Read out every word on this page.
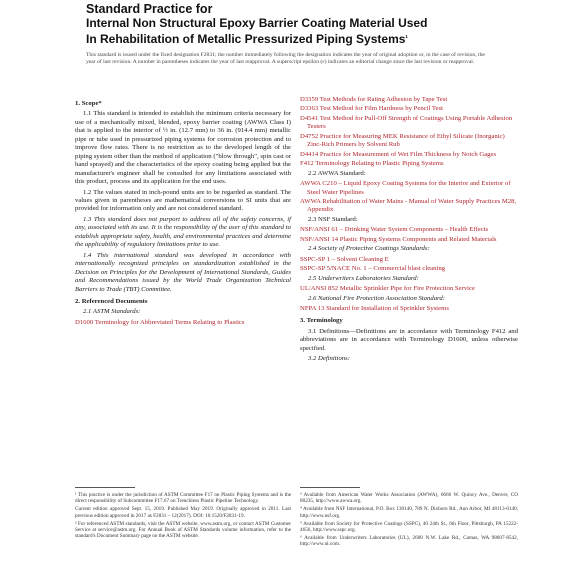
Standard Practice for
Internal Non Structural Epoxy Barrier Coating Material Used
In Rehabilitation of Metallic Pressurized Piping Systems$^1$
This standard is issued under the fixed designation F2831; the number immediately following the designation indicates the year of original adoption or, in the case of revision, the year of last revision. A number in parentheses indicates the year of last reapproval. A superscript epsilon (ε) indicates an editorial change since the last revision or reapproval.
1. Scope*

1.1 This standard is intended to establish the minimum criteria necessary for use of a mechanically mixed, blended, epoxy barrier coating (AWWA Class I) that is applied to the interior of ½ in. (12.7 mm) to 36 in. (914.4 mm) metallic pipe or tube used in pressurized piping systems for corrosion protection and to improve flow rates. There is no restriction as to the developed length of the piping system other than the method of application ("blow through", spin cast or hand sprayed) and the characteristics of the epoxy coating being applied but the manufacturer's engineer shall be consulted for any limitations associated with this product, process and its application for the end uses.

1.2 The values stated in inch-pound units are to be regarded as standard. The values given in parentheses are mathematical conversions to SI units that are provided for information only and are not considered standard.

1.3 This standard does not purport to address all of the safety concerns, if any, associated with its use. It is the responsibility of the user of this standard to establish appropriate safety, health, and environmental practices and determine the applicability of regulatory limitations prior to use.

1.4 This international standard was developed in accordance with internationally recognized principles on standardization established in the Decision on Principles for the Development of International Standards, Guides and Recommendations issued by the World Trade Organization Technical Barriers to Trade (TBT) Committee.

2. Referenced Documents

2.1 ASTM Standards:

D1600 Terminology for Abbreviated Terms Relating to Plastics

D3359 Test Methods for Rating Adhesion by Tape Test

D3363 Test Method for Film Hardness by Pencil Test

D4541 Test Method for Pull-Off Strength of Coatings Using Portable Adhesion Testers

D4752 Practice for Measuring MEK Resistance of Ethyl Silicate (Inorganic) Zinc-Rich Primers by Solvent Rub

D4414 Practice for Measurement of Wet Film Thickness by Notch Gages

F412 Terminology Relating to Plastic Piping Systems

2.2 AWWA Standard:

AWWA C210 – Liquid Epoxy Coating Systems for the Interior and Exterior of Steel Water Pipelines

AWWA Rehabilitation of Water Mains - Manual of Water Supply Practices M28, Appendix

2.3 NSF Standard:

NSF/ANSI 61 – Drinking Water System Components – Health Effects

NSF/ANSI 14 Plastic Piping Systems Components and Related Materials

2.4 Society of Protective Coatings Standards:

SSPC-SP 1 – Solvent Cleaning E

SSPC-SP 5/NACE No. 1 – Commercial blast cleaning

2.5 Underwriters Laboratories Standard:

UL/ANSI 852 Metallic Sprinkler Pipe for Fire Protection Service

2.6 National Fire Protection Association Standard:

NFPA 13 Standard for Installation of Sprinkler Systems

3. Terminology

3.1 Definitions—Definitions are in accordance with Terminology F412 and abbreviations are in accordance with Terminology D1600, unless otherwise specified.

3.2 Definitions:

¹ This practice is under the jurisdiction of ASTM Committee F17 on Plastic Piping Systems and is the direct responsibility of Subcommittee F17.67 on Trenchless Plastic Pipeline Technology.

Current edition approved Sept. 15, 2019. Published May 2019. Originally approved in 2011. Last previous edition approved in 2017 as F2831 – 12(2017). DOI: 10.1520/F2831-19.

² For referenced ASTM standards, visit the ASTM website, www.astm.org, or contact ASTM Customer Service at service@astm.org. For Annual Book of ASTM Standards volume information, refer to the standard's Document Summary page on the ASTM website.

³ Available from American Water Works Association (AWWA), 6666 W. Quincy Ave., Denver, CO 80235, http://www.awwa.org.

⁴ Available from NSF International, P.O. Box 130140, 789 N. Dixboro Rd., Ann Arbor, MI 48113-0140, http://www.nsf.org.

⁵ Available from Society for Protective Coatings (SSPC), 40 24th St., 6th Floor, Pittsburgh, PA 15222-4656, http://www.sspc.org.

⁶ Available from Underwriters Laboratories (UL), 2600 N.W. Lake Rd., Camas, WA 98607-8542, http://www.ul.com.
